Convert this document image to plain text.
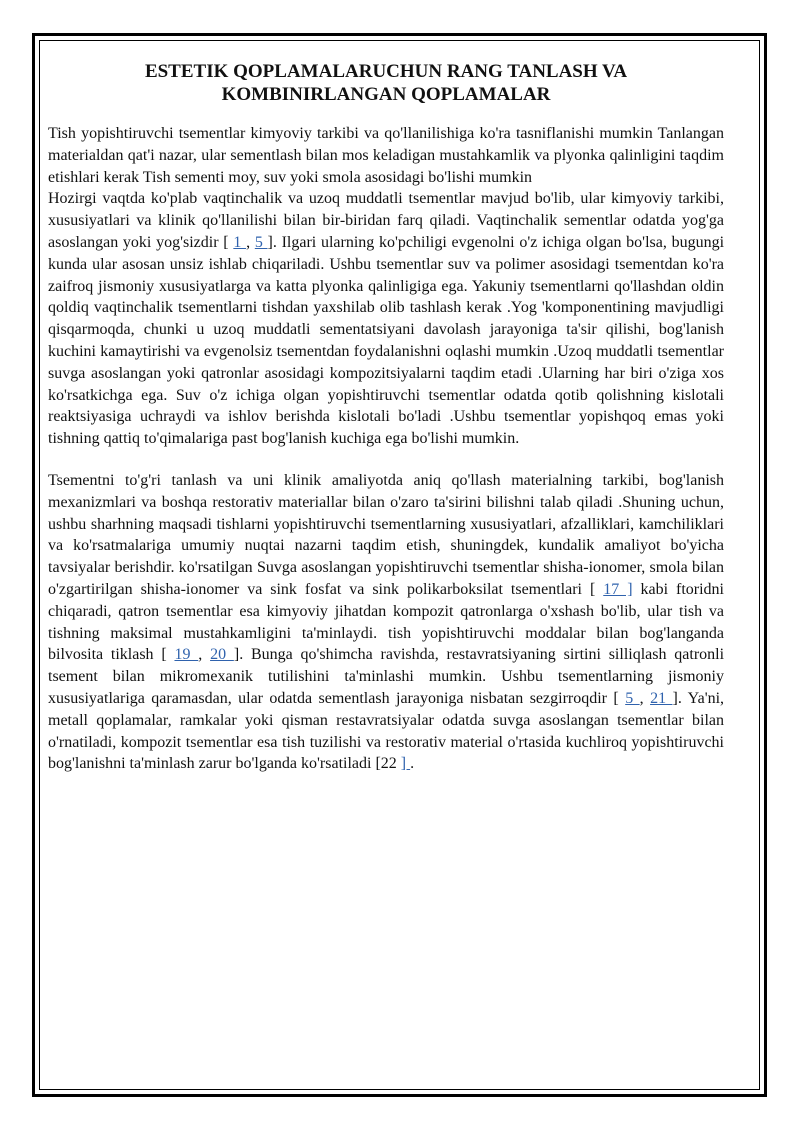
ESTETIK QOPLAMALARUCHUN RANG TANLASH VA KOMBINIRLANGAN QOPLAMALAR

Tish yopishtiruvchi tsementlar kimyoviy tarkibi va qo'llanilishiga ko'ra tasniflanishi mumkin Tanlangan materialdan qat'i nazar, ular sementlash bilan mos keladigan mustahkamlik va plyonka qalinligini taqdim etishlari kerak Tish sementi moy, suv yoki smola asosidagi bo'lishi mumkin

Hozirgi vaqtda ko'plab vaqtinchalik va uzoq muddatli tsementlar mavjud bo'lib, ular kimyoviy tarkibi, xususiyatlari va klinik qo'llanilishi bilan bir-biridan farq qiladi. Vaqtinchalik sementlar odatda yog'ga asoslangan yoki yog'sizdir [ 1 , 5 ]. Ilgari ularning ko'pchiligi evgenolni o'z ichiga olgan bo'lsa, bugungi kunda ular asosan unsiz ishlab chiqariladi. Ushbu tsementlar suv va polimer asosidagi tsementdan ko'ra zaifroq jismoniy xususiyatlarga va katta plyonka qalinligiga ega. Yakuniy tsementlarni qo'llashdan oldin qoldiq vaqtinchalik tsementlarni tishdan yaxshilab olib tashlash kerak .Yog 'komponentining mavjudligi qisqarmoqda, chunki u uzoq muddatli sementatsiyani davolash jarayoniga ta'sir qilishi, bog'lanish kuchini kamaytirishi va evgenolsiz tsementdan foydalanishni oqlashi mumkin .Uzoq muddatli tsementlar suvga asoslangan yoki qatronlar asosidagi kompozitsiyalarni taqdim etadi .Ularning har biri o'ziga xos ko'rsatkichga ega. Suv o'z ichiga olgan yopishtiruvchi tsementlar odatda qotib qolishning kislotali reaktsiyasiga uchraydi va ishlov berishda kislotali bo'ladi .Ushbu tsementlar yopishqoq emas yoki tishning qattiq to'qimalariga past bog'lanish kuchiga ega bo'lishi mumkin.

Tsementni to'g'ri tanlash va uni klinik amaliyotda aniq qo'llash materialning tarkibi, bog'lanish mexanizmlari va boshqa restorativ materiallar bilan o'zaro ta'sirini bilishni talab qiladi .Shuning uchun, ushbu sharhning maqsadi tishlarni yopishtiruvchi tsementlarning xususiyatlari, afzalliklari, kamchiliklari va ko'rsatmalariga umumiy nuqtai nazarni taqdim etish, shuningdek, kundalik amaliyot bo'yicha tavsiyalar berishdir. ko'rsatilgan Suvga asoslangan yopishtiruvchi tsementlar shisha-ionomer, smola bilan o'zgartirilgan shisha-ionomer va sink fosfat va sink polikarboksilat tsementlari [ 17 ] kabi ftoridni chiqaradi, qatron tsementlar esa kimyoviy jihatdan kompozit qatronlarga o'xshash bo'lib, ular tish va tishning maksimal mustahkamligini ta'minlaydi. tish yopishtiruvchi moddalar bilan bog'langanda bilvosita tiklash [ 19 , 20 ]. Bunga qo'shimcha ravishda, restavratsiyaning sirtini silliqlash qatronli tsement bilan mikromexanik tutilishini ta'minlashi mumkin. Ushbu tsementlarning jismoniy xususiyatlariga qaramasdan, ular odatda sementlash jarayoniga nisbatan sezgirroqdir [ 5 , 21 ]. Ya'ni, metall qoplamalar, ramkalar yoki qisman restavratsiyalar odatda suvga asoslangan tsementlar bilan o'rnatiladi, kompozit tsementlar esa tish tuzilishi va restorativ material o'rtasida kuchliroq yopishtiruvchi bog'lanishni ta'minlash zarur bo'lganda ko'rsatiladi [22 ] .
